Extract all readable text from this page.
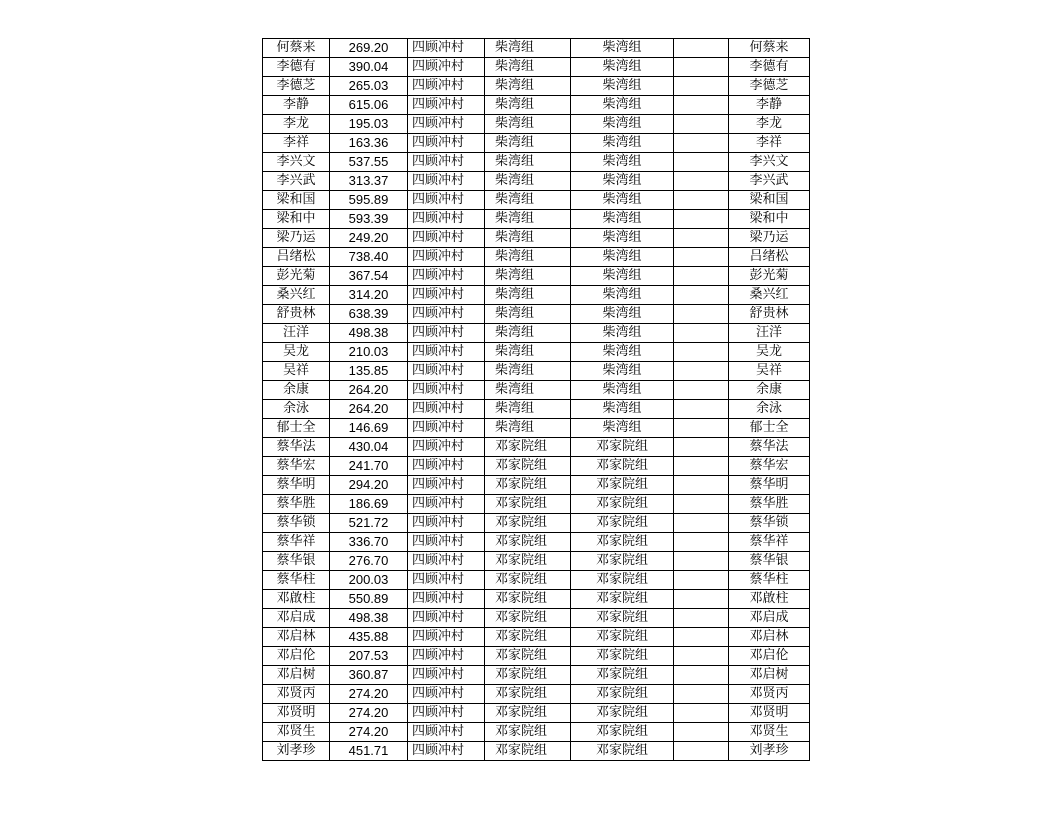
何蔡来	269.20	四顾冲村	柴湾组	柴湾组		何蔡来
李德有	390.04	四顾冲村	柴湾组	柴湾组		李德有
李德芝	265.03	四顾冲村	柴湾组	柴湾组		李德芝
李静	615.06	四顾冲村	柴湾组	柴湾组		李静
李龙	195.03	四顾冲村	柴湾组	柴湾组		李龙
李祥	163.36	四顾冲村	柴湾组	柴湾组		李祥
李兴文	537.55	四顾冲村	柴湾组	柴湾组		李兴文
李兴武	313.37	四顾冲村	柴湾组	柴湾组		李兴武
梁和国	595.89	四顾冲村	柴湾组	柴湾组		梁和国
梁和中	593.39	四顾冲村	柴湾组	柴湾组		梁和中
梁乃运	249.20	四顾冲村	柴湾组	柴湾组		梁乃运
吕绪松	738.40	四顾冲村	柴湾组	柴湾组		吕绪松
彭光菊	367.54	四顾冲村	柴湾组	柴湾组		彭光菊
桑兴红	314.20	四顾冲村	柴湾组	柴湾组		桑兴红
舒贵林	638.39	四顾冲村	柴湾组	柴湾组		舒贵林
汪洋	498.38	四顾冲村	柴湾组	柴湾组		汪洋
吴龙	210.03	四顾冲村	柴湾组	柴湾组		吴龙
吴祥	135.85	四顾冲村	柴湾组	柴湾组		吴祥
余康	264.20	四顾冲村	柴湾组	柴湾组		余康
余泳	264.20	四顾冲村	柴湾组	柴湾组		余泳
郁士全	146.69	四顾冲村	柴湾组	柴湾组		郁士全
蔡华法	430.04	四顾冲村	邓家院组	邓家院组		蔡华法
蔡华宏	241.70	四顾冲村	邓家院组	邓家院组		蔡华宏
蔡华明	294.20	四顾冲村	邓家院组	邓家院组		蔡华明
蔡华胜	186.69	四顾冲村	邓家院组	邓家院组		蔡华胜
蔡华锁	521.72	四顾冲村	邓家院组	邓家院组		蔡华锁
蔡华祥	336.70	四顾冲村	邓家院组	邓家院组		蔡华祥
蔡华银	276.70	四顾冲村	邓家院组	邓家院组		蔡华银
蔡华柱	200.03	四顾冲村	邓家院组	邓家院组		蔡华柱
邓啟柱	550.89	四顾冲村	邓家院组	邓家院组		邓啟柱
邓启成	498.38	四顾冲村	邓家院组	邓家院组		邓启成
邓启林	435.88	四顾冲村	邓家院组	邓家院组		邓启林
邓启伦	207.53	四顾冲村	邓家院组	邓家院组		邓启伦
邓启树	360.87	四顾冲村	邓家院组	邓家院组		邓启树
邓贤丙	274.20	四顾冲村	邓家院组	邓家院组		邓贤丙
邓贤明	274.20	四顾冲村	邓家院组	邓家院组		邓贤明
邓贤生	274.20	四顾冲村	邓家院组	邓家院组		邓贤生
刘孝珍	451.71	四顾冲村	邓家院组	邓家院组		刘孝珍
